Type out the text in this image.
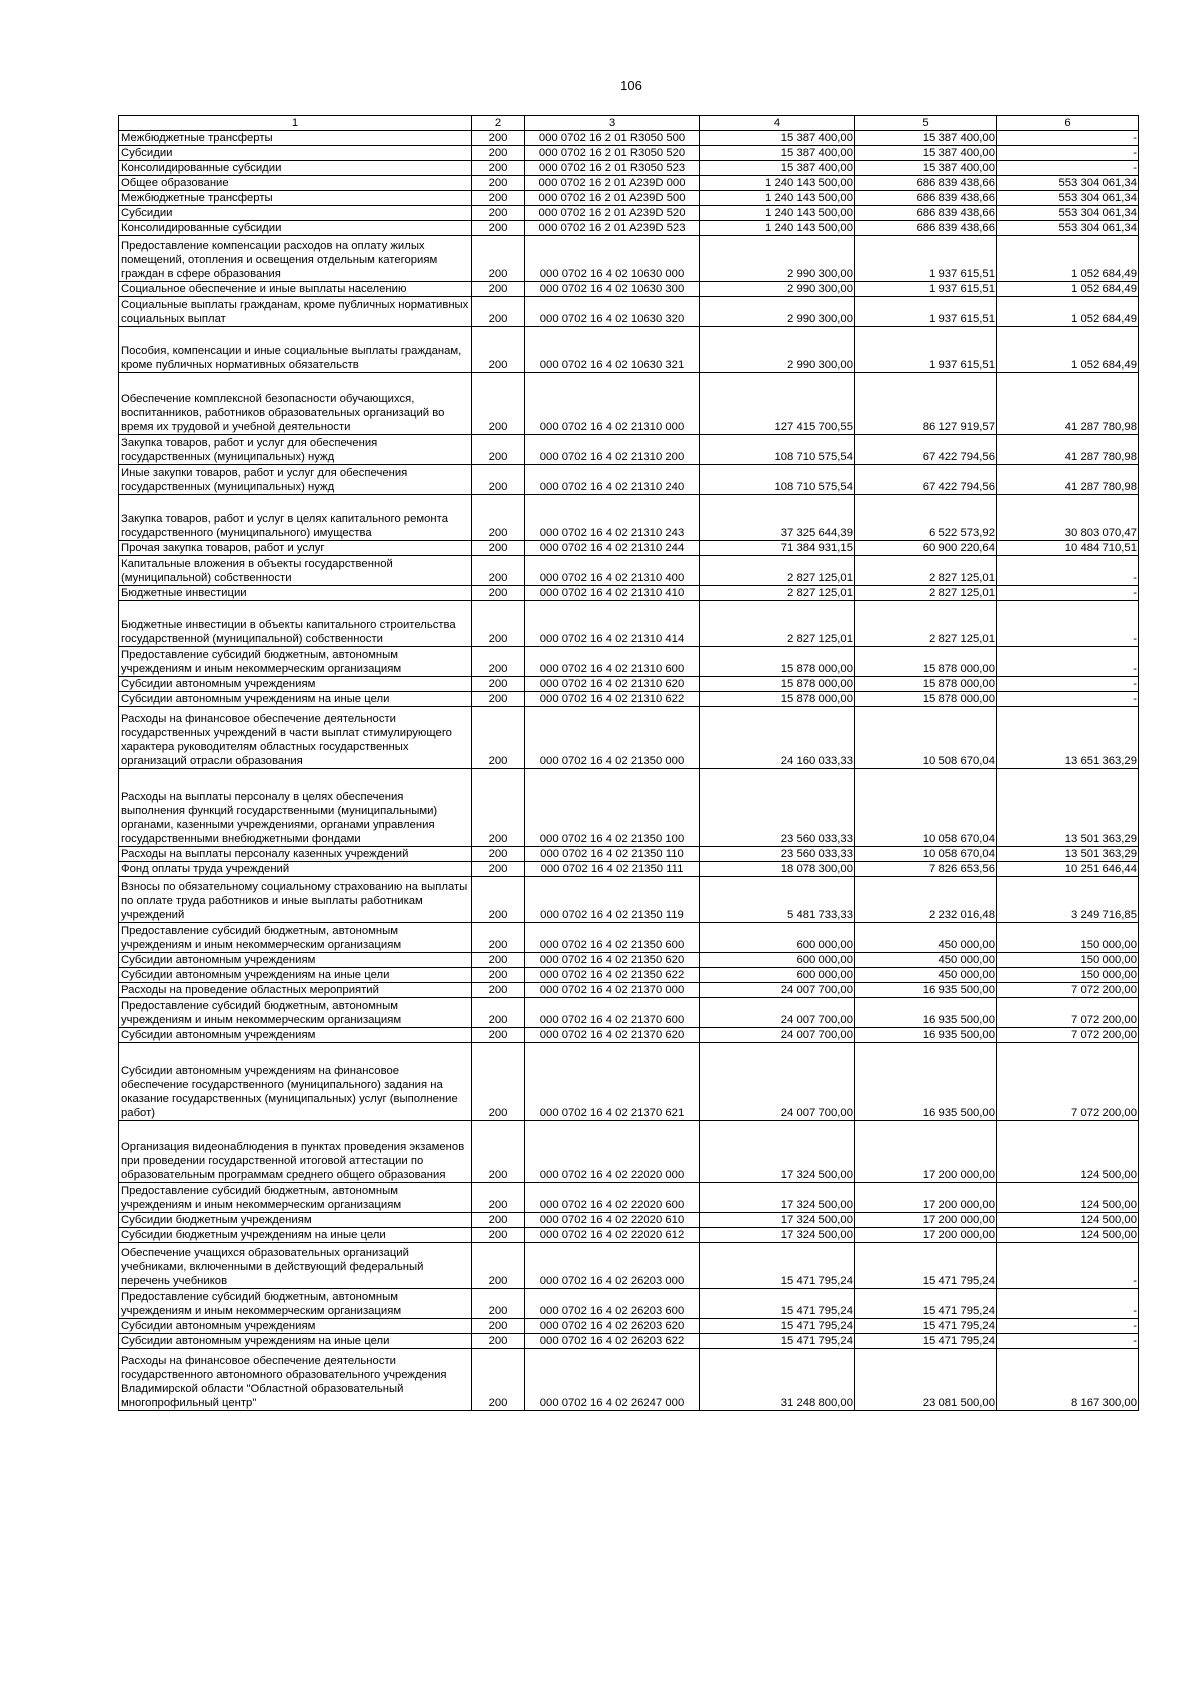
106
1	2	3	4	5	6
Межбюджетные трансферты	200	000 0702 16 2 01 R3050 500	15 387 400,00	15 387 400,00	-
Субсидии	200	000 0702 16 2 01 R3050 520	15 387 400,00	15 387 400,00	-
Консолидированные субсидии	200	000 0702 16 2 01 R3050 523	15 387 400,00	15 387 400,00	-
Общее образование	200	000 0702 16 2 01 A239D 000	1 240 143 500,00	686 839 438,66	553 304 061,34
Межбюджетные трансферты	200	000 0702 16 2 01 A239D 500	1 240 143 500,00	686 839 438,66	553 304 061,34
Субсидии	200	000 0702 16 2 01 A239D 520	1 240 143 500,00	686 839 438,66	553 304 061,34
Консолидированные субсидии	200	000 0702 16 2 01 A239D 523	1 240 143 500,00	686 839 438,66	553 304 061,34
Предоставление компенсации расходов на оплату жилых помещений, отопления и освещения отдельным категориям граждан в сфере образования	200	000 0702 16 4 02 10630 000	2 990 300,00	1 937 615,51	1 052 684,49
Социальное обеспечение и иные выплаты населению	200	000 0702 16 4 02 10630 300	2 990 300,00	1 937 615,51	1 052 684,49
Социальные выплаты гражданам, кроме публичных нормативных социальных выплат	200	000 0702 16 4 02 10630 320	2 990 300,00	1 937 615,51	1 052 684,49
Пособия, компенсации и иные социальные выплаты гражданам, кроме публичных нормативных обязательств	200	000 0702 16 4 02 10630 321	2 990 300,00	1 937 615,51	1 052 684,49
Обеспечение комплексной безопасности обучающихся, воспитанников, работников образовательных организаций во время их трудовой и учебной деятельности	200	000 0702 16 4 02 21310 000	127 415 700,55	86 127 919,57	41 287 780,98
Закупка товаров, работ и услуг для обеспечения государственных (муниципальных) нужд	200	000 0702 16 4 02 21310 200	108 710 575,54	67 422 794,56	41 287 780,98
Иные закупки товаров, работ и услуг для обеспечения государственных (муниципальных) нужд	200	000 0702 16 4 02 21310 240	108 710 575,54	67 422 794,56	41 287 780,98
Закупка товаров, работ и услуг в целях капитального ремонта государственного (муниципального) имущества	200	000 0702 16 4 02 21310 243	37 325 644,39	6 522 573,92	30 803 070,47
Прочая закупка товаров, работ и услуг	200	000 0702 16 4 02 21310 244	71 384 931,15	60 900 220,64	10 484 710,51
Капитальные вложения в объекты государственной (муниципальной) собственности	200	000 0702 16 4 02 21310 400	2 827 125,01	2 827 125,01	-
Бюджетные инвестиции	200	000 0702 16 4 02 21310 410	2 827 125,01	2 827 125,01	-
Бюджетные инвестиции в объекты капитального строительства государственной (муниципальной) собственности	200	000 0702 16 4 02 21310 414	2 827 125,01	2 827 125,01	-
Предоставление субсидий бюджетным, автономным учреждениям и иным некоммерческим организациям	200	000 0702 16 4 02 21310 600	15 878 000,00	15 878 000,00	-
Субсидии автономным учреждениям	200	000 0702 16 4 02 21310 620	15 878 000,00	15 878 000,00	-
Субсидии автономным учреждениям на иные цели	200	000 0702 16 4 02 21310 622	15 878 000,00	15 878 000,00	-
Расходы на финансовое обеспечение деятельности государственных учреждений в части выплат стимулирующего характера руководителям областных государственных организаций отрасли образования	200	000 0702 16 4 02 21350 000	24 160 033,33	10 508 670,04	13 651 363,29
Расходы на выплаты персоналу в целях обеспечения выполнения функций государственными (муниципальными) органами, казенными учреждениями, органами управления государственными внебюджетными фондами	200	000 0702 16 4 02 21350 100	23 560 033,33	10 058 670,04	13 501 363,29
Расходы на выплаты персоналу казенных учреждений	200	000 0702 16 4 02 21350 110	23 560 033,33	10 058 670,04	13 501 363,29
Фонд оплаты труда учреждений	200	000 0702 16 4 02 21350 111	18 078 300,00	7 826 653,56	10 251 646,44
Взносы по обязательному социальному страхованию на выплаты по оплате труда работников и иные выплаты работникам учреждений	200	000 0702 16 4 02 21350 119	5 481 733,33	2 232 016,48	3 249 716,85
Предоставление субсидий бюджетным, автономным учреждениям и иным некоммерческим организациям	200	000 0702 16 4 02 21350 600	600 000,00	450 000,00	150 000,00
Субсидии автономным учреждениям	200	000 0702 16 4 02 21350 620	600 000,00	450 000,00	150 000,00
Субсидии автономным учреждениям на иные цели	200	000 0702 16 4 02 21350 622	600 000,00	450 000,00	150 000,00
Расходы на проведение областных мероприятий	200	000 0702 16 4 02 21370 000	24 007 700,00	16 935 500,00	7 072 200,00
Предоставление субсидий бюджетным, автономным учреждениям и иным некоммерческим организациям	200	000 0702 16 4 02 21370 600	24 007 700,00	16 935 500,00	7 072 200,00
Субсидии автономным учреждениям	200	000 0702 16 4 02 21370 620	24 007 700,00	16 935 500,00	7 072 200,00
Субсидии автономным учреждениям на финансовое обеспечение государственного (муниципального) задания на оказание государственных (муниципальных) услуг (выполнение работ)	200	000 0702 16 4 02 21370 621	24 007 700,00	16 935 500,00	7 072 200,00
Организация видеонаблюдения в пунктах проведения экзаменов при проведении государственной итоговой аттестации по образовательным программам среднего общего образования	200	000 0702 16 4 02 22020 000	17 324 500,00	17 200 000,00	124 500,00
Предоставление субсидий бюджетным, автономным учреждениям и иным некоммерческим организациям	200	000 0702 16 4 02 22020 600	17 324 500,00	17 200 000,00	124 500,00
Субсидии бюджетным учреждениям	200	000 0702 16 4 02 22020 610	17 324 500,00	17 200 000,00	124 500,00
Субсидии бюджетным учреждениям на иные цели	200	000 0702 16 4 02 22020 612	17 324 500,00	17 200 000,00	124 500,00
Обеспечение учащихся образовательных организаций учебниками, включенными в действующий федеральный перечень учебников	200	000 0702 16 4 02 26203 000	15 471 795,24	15 471 795,24	-
Предоставление субсидий бюджетным, автономным учреждениям и иным некоммерческим организациям	200	000 0702 16 4 02 26203 600	15 471 795,24	15 471 795,24	-
Субсидии автономным учреждениям	200	000 0702 16 4 02 26203 620	15 471 795,24	15 471 795,24	-
Субсидии автономным учреждениям на иные цели	200	000 0702 16 4 02 26203 622	15 471 795,24	15 471 795,24	-
Расходы на финансовое обеспечение деятельности государственного автономного образовательного учреждения Владимирской области "Областной образовательный многопрофильный центр"	200	000 0702 16 4 02 26247 000	31 248 800,00	23 081 500,00	8 167 300,00
